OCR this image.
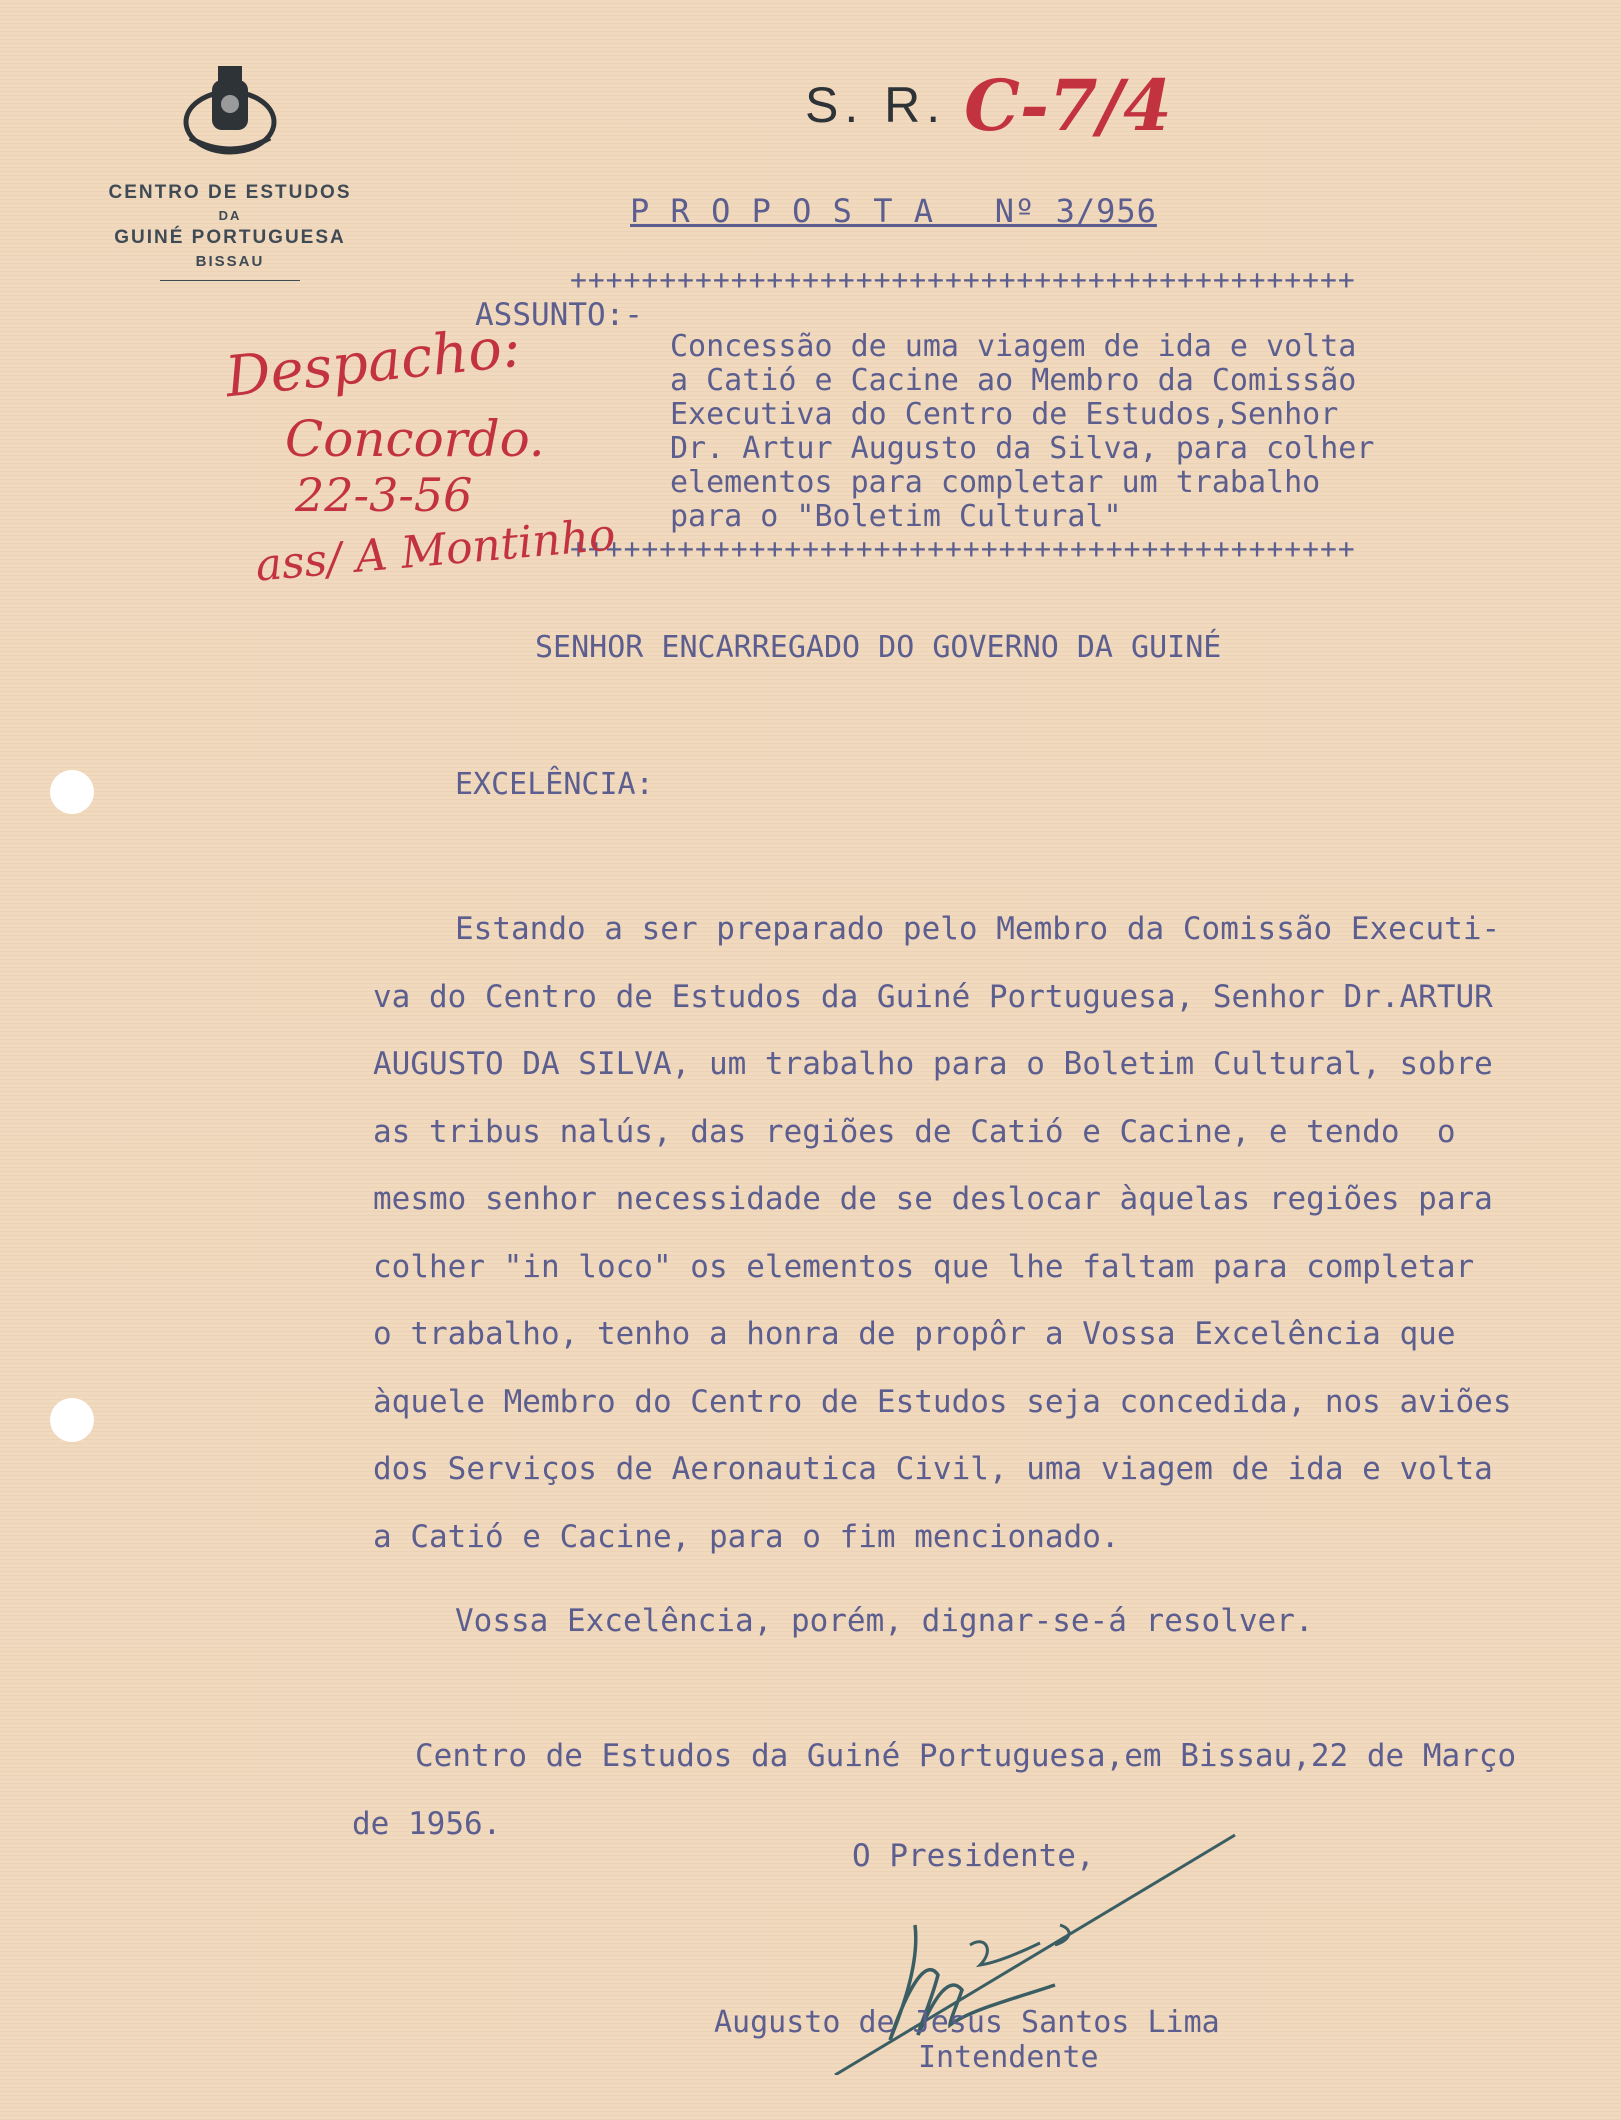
CENTRO DE ESTUDOS
DA
GUINÉ PORTUGUESA
BISSAU
S. R. C-7/4
P R O P O S T A   Nº 3/956
++++++++++++++++++++++++++++++++++++++++++++
ASSUNTO:-
Concessão de uma viagem de ida e volta
a Catió e Cacine ao Membro da Comissão
Executiva do Centro de Estudos,Senhor
Dr. Artur Augusto da Silva, para colher
elementos para completar um trabalho
para o "Boletim Cultural"
++++++++++++++++++++++++++++++++++++++++++++
Despacho:
Concordo.
22-3-56
ass/ A Montinho
SENHOR ENCARREGADO DO GOVERNO DA GUINÉ
EXCELÊNCIA:
Estando a ser preparado pelo Membro da Comissão Executi-
va do Centro de Estudos da Guiné Portuguesa, Senhor Dr.ARTUR
AUGUSTO DA SILVA, um trabalho para o Boletim Cultural, sobre
as tribus nalús, das regiões de Catió e Cacine, e tendo  o
mesmo senhor necessidade de se deslocar àquelas regiões para
colher "in loco" os elementos que lhe faltam para completar
o trabalho, tenho a honra de propôr a Vossa Excelência que
àquele Membro do Centro de Estudos seja concedida, nos aviões
dos Serviços de Aeronautica Civil, uma viagem de ida e volta
a Catió e Cacine, para o fim mencionado.
Vossa Excelência, porém, dignar-se-á resolver.
Centro de Estudos da Guiné Portuguesa,em Bissau,22 de Março
de 1956.
O Presidente,
Augusto de Jesus Santos Lima
Intendente
